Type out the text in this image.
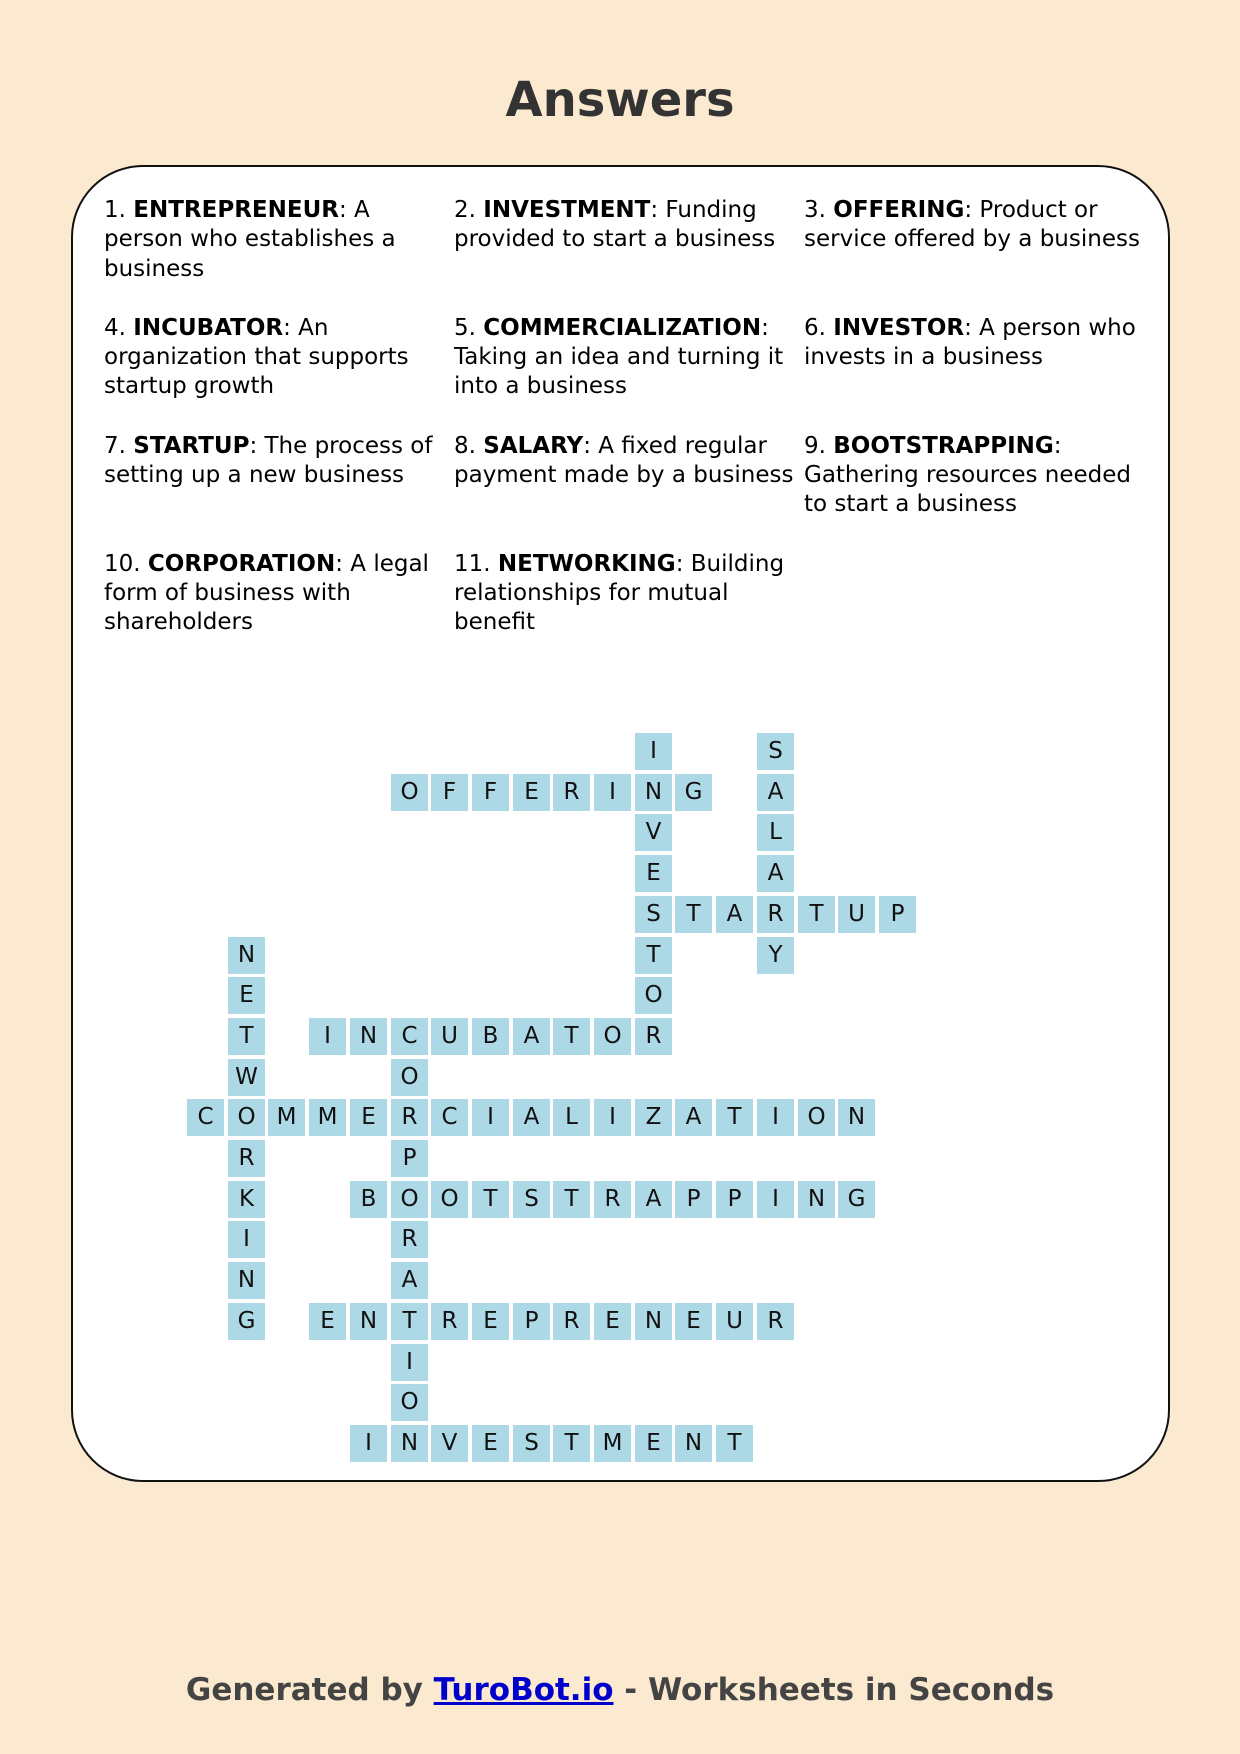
Answers
1. ENTREPRENEUR: A person who establishes a business
2. INVESTMENT: Funding provided to start a business
3. OFFERING: Product or service offered by a business
4. INCUBATOR: An organization that supports startup growth
5. COMMERCIALIZATION: Taking an idea and turning it into a business
6. INVESTOR: A person who invests in a business
7. STARTUP: The process of setting up a new business
8. SALARY: A fixed regular payment made by a business
9. BOOTSTRAPPING: Gathering resources needed to start a business
10. CORPORATION: A legal form of business with shareholders
11. NETWORKING: Building relationships for mutual benefit
I
N
V
E
S
T
O
R
S
A
L
A
R
Y
O	F	F	E	R	I	G
T	A	T	U	P
N
E
T
W
O
R
K
I
N
G
I	N	C	U	B	A	T	O
O
R
P
O
R
A
T
I
O
N
C	M M	E	C	I	A	L	I	Z	A	T	I	O N
B	O	T	S	T	R	A	P	P	I	N G
E	N	R	E	P	R	E	N	E	U	R
I	V	E	S	T	M	E	N	T
Generated by TuroBot.io - Worksheets in Seconds
